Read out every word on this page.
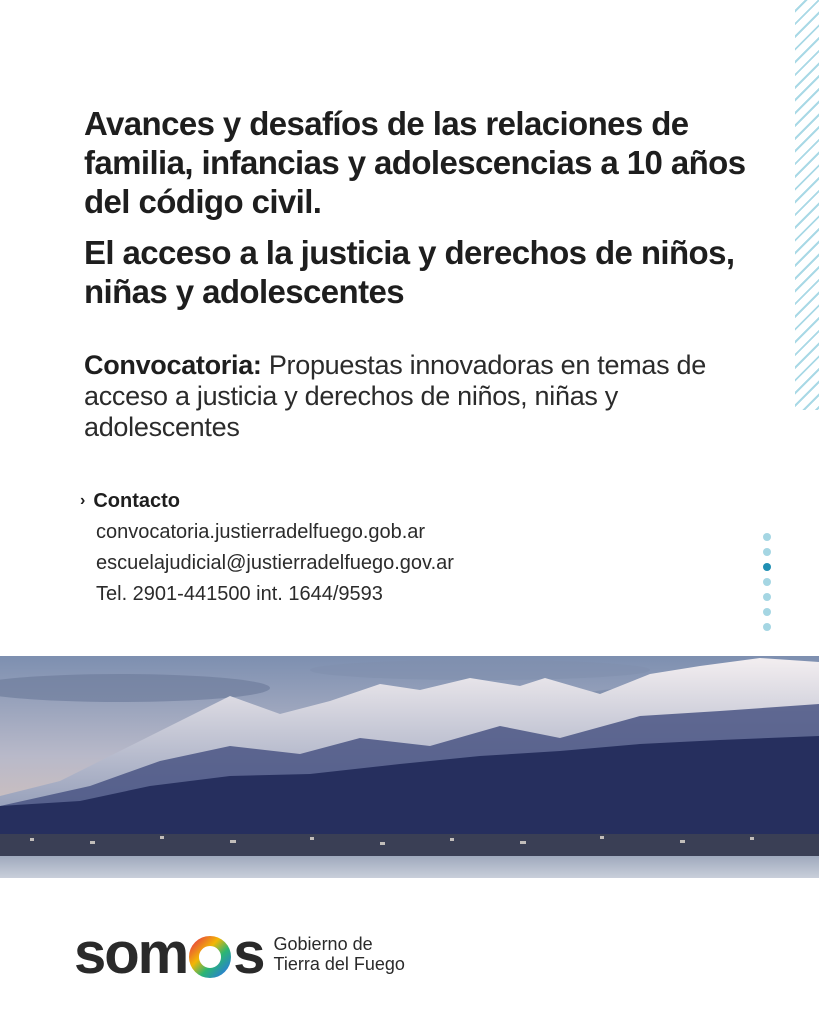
Avances y desafíos de las relaciones de familia, infancias y adolescencias a 10 años del código civil.
El acceso a la justicia y derechos de niños, niñas y adolescentes
Convocatoria: Propuestas innovadoras en temas de acceso a justicia y derechos de niños, niñas y adolescentes
› Contacto
convocatoria.justierradelfuego.gob.ar
escuelajudicial@justierradelfuego.gov.ar
Tel. 2901-441500 int. 1644/9593
som s Gobierno de
Tierra del Fuego
